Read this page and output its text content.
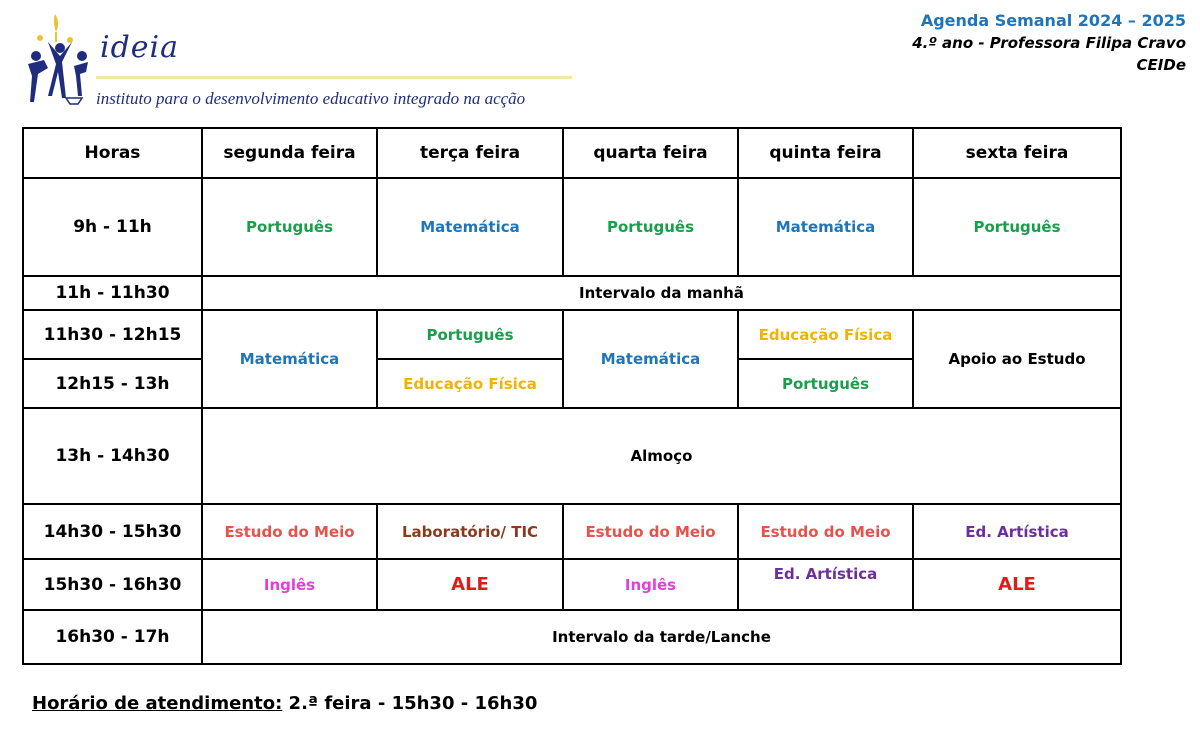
ideia
instituto para o desenvolvimento educativo integrado na acção
Agenda Semanal 2024 – 2025
4.º ano - Professora Filipa Cravo
CEIDe
Horas	segunda feira	terça feira	quarta feira	quinta feira	sexta feira
9h - 11h	Português	Matemática	Português	Matemática	Português
11h - 11h30	Intervalo da manhã				
11h30 - 12h15	Matemática	Português	Matemática	Educação Física	Apoio ao Estudo
12h15 - 13h		Educação Física		Português	
13h - 14h30	Almoço				
14h30 - 15h30	Estudo do Meio	Laboratório/ TIC	Estudo do Meio	Estudo do Meio	Ed. Artística
15h30 - 16h30	Inglês	ALE	Inglês	Ed. Artística	ALE
16h30 - 17h	Intervalo da tarde/Lanche				
Horário de atendimento: 2.ª feira - 15h30 - 16h30
